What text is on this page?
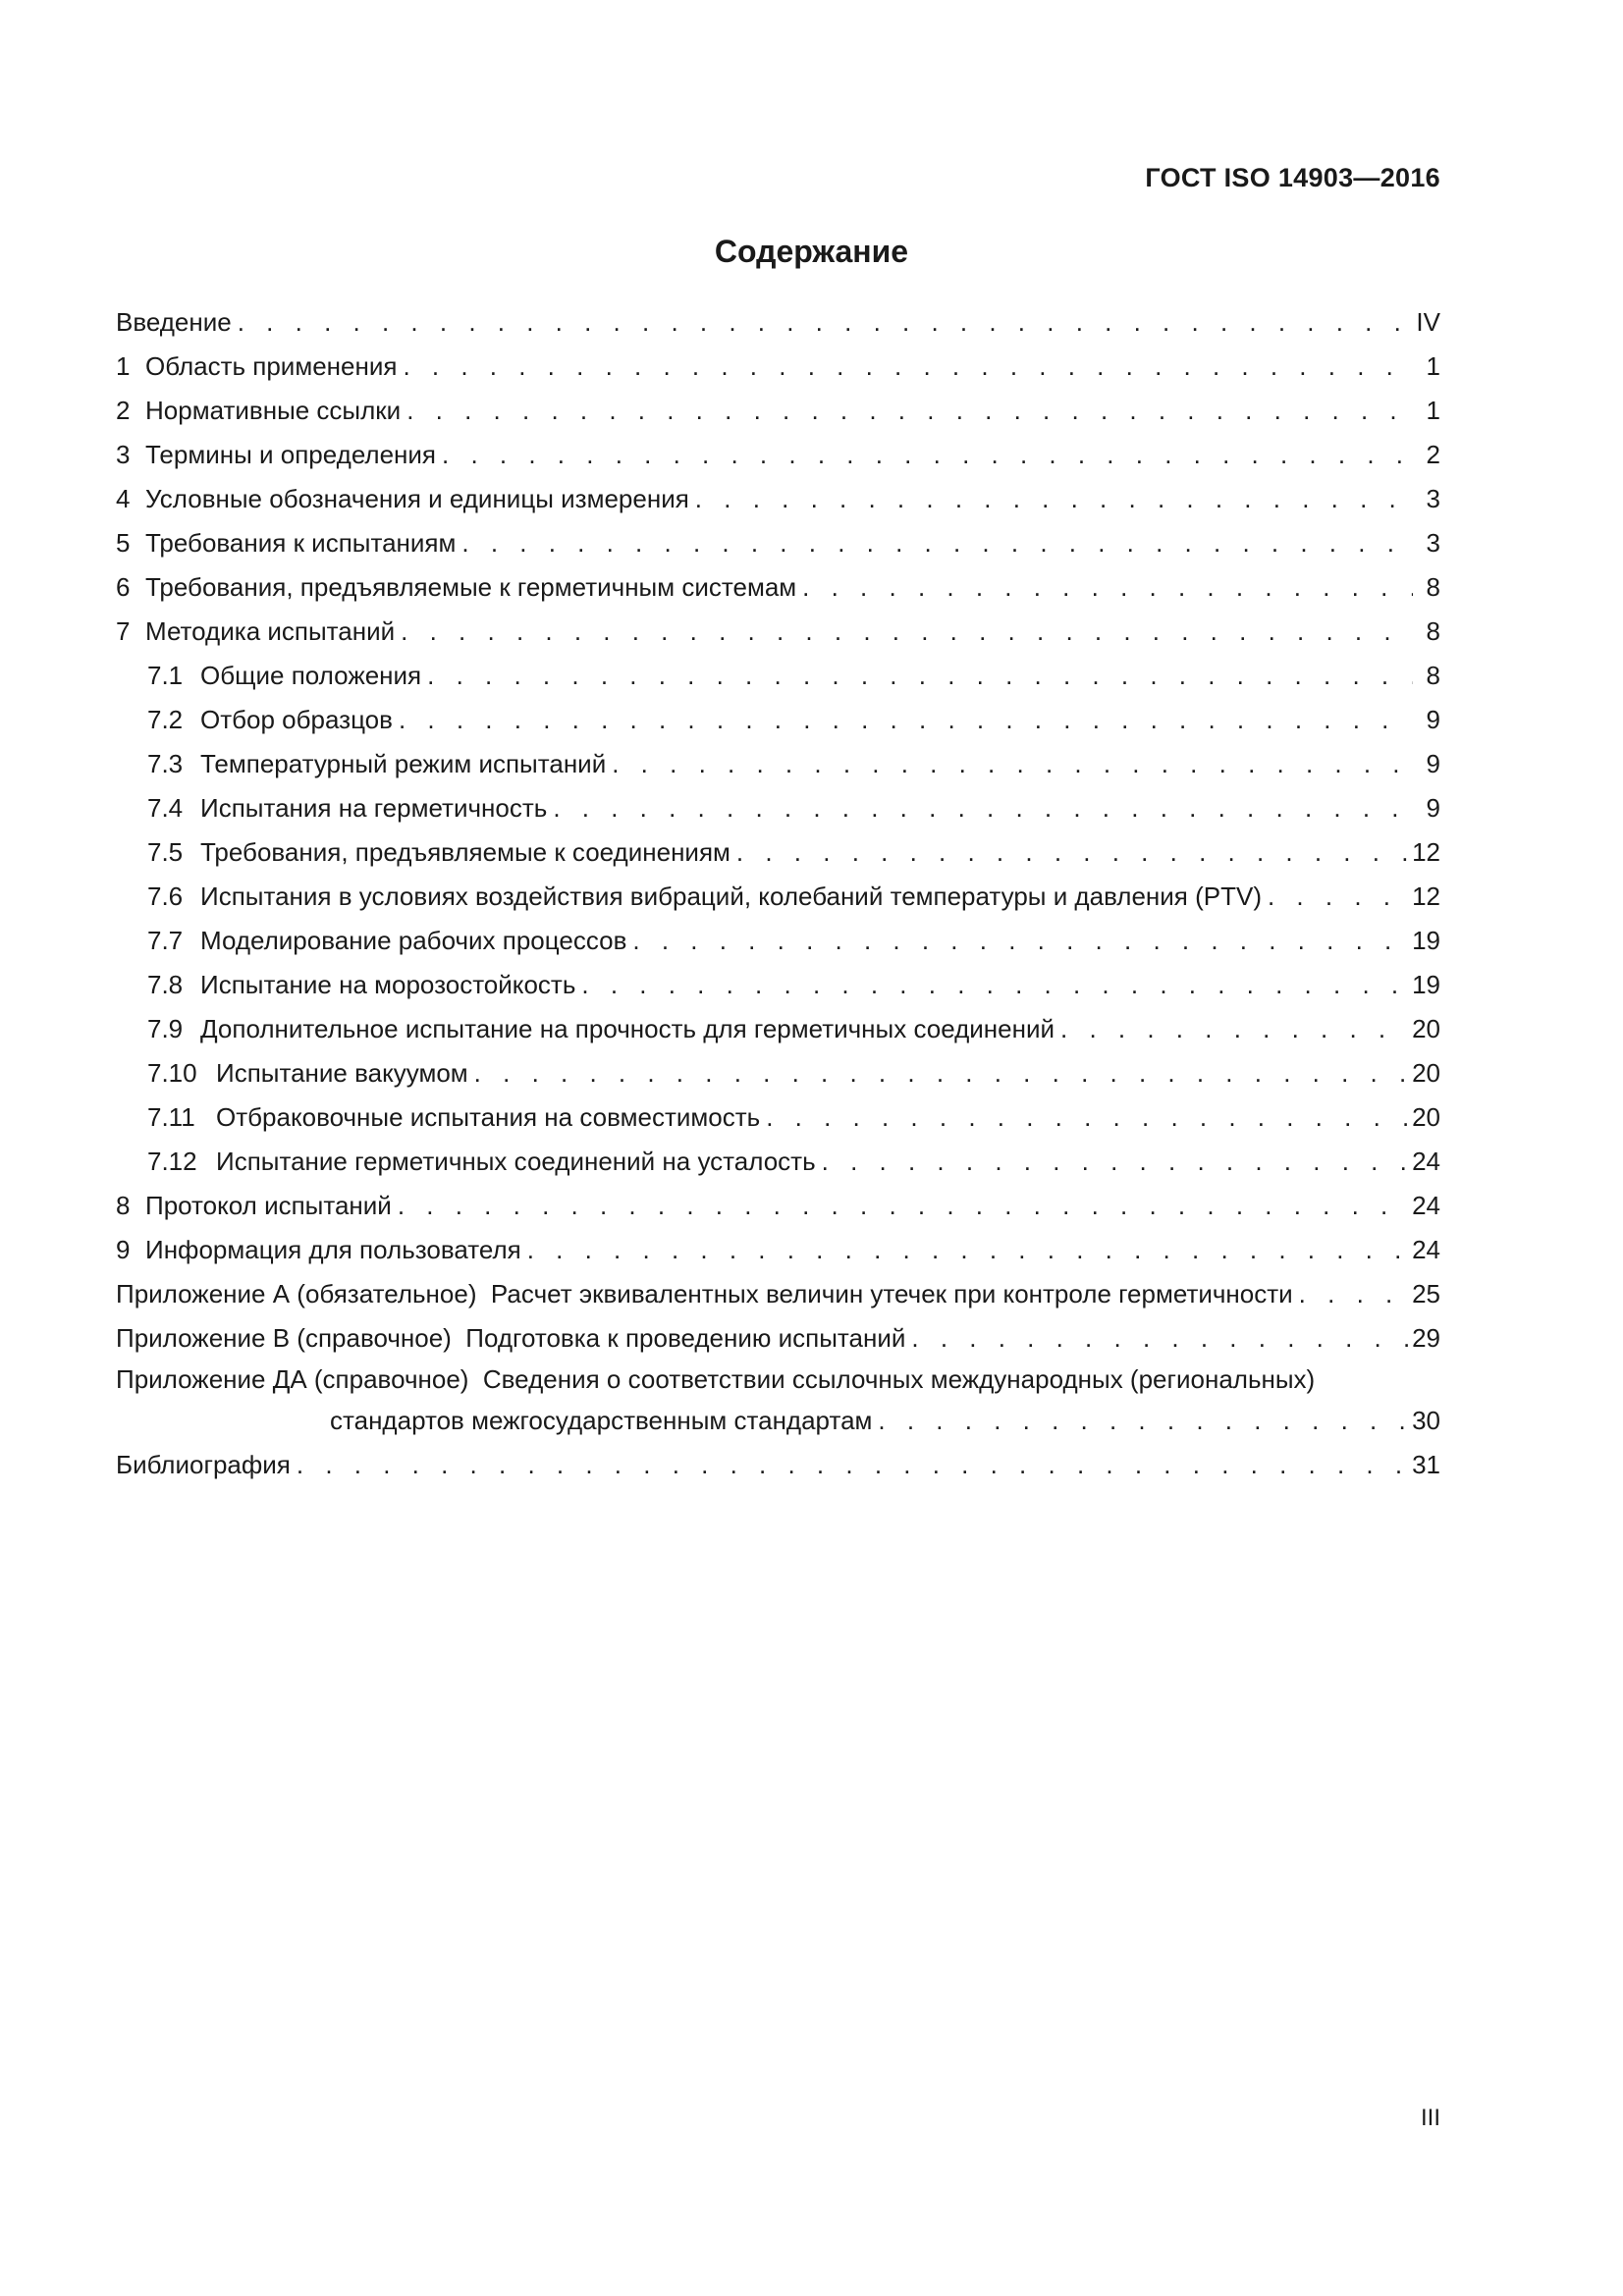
ГОСТ ISO 14903—2016
Содержание
Введение . . .	IV
1 Область применения . . .	1
2 Нормативные ссылки . . .	1
3 Термины и определения . . .	2
4 Условные обозначения и единицы измерения . . .	3
5 Требования к испытаниям . . .	3
6 Требования, предъявляемые к герметичным системам . . .	8
7 Методика испытаний . . .	8
7.1 Общие положения . . .	8
7.2 Отбор образцов . . .	9
7.3 Температурный режим испытаний . . .	9
7.4 Испытания на герметичность . . .	9
7.5 Требования, предъявляемые к соединениям . . .	12
7.6 Испытания в условиях воздействия вибраций, колебаний температуры и давления (PTV) . . .	12
7.7 Моделирование рабочих процессов . . .	19
7.8 Испытание на морозостойкость . . .	19
7.9 Дополнительное испытание на прочность для герметичных соединений . . .	20
7.10 Испытание вакуумом . . .	20
7.11 Отбраковочные испытания на совместимость . . .	20
7.12 Испытание герметичных соединений на усталость . . .	24
8 Протокол испытаний . . .	24
9 Информация для пользователя . . .	24
Приложение А (обязательное)  Расчет эквивалентных величин утечек при контроле герметичности . . .	25
Приложение В (справочное)  Подготовка к проведению испытаний . . .	29
Приложение ДА (справочное)  Сведения о соответствии ссылочных международных (региональных)
стандартов межгосударственным стандартам . . .	30
Библиография . . .	31
III
